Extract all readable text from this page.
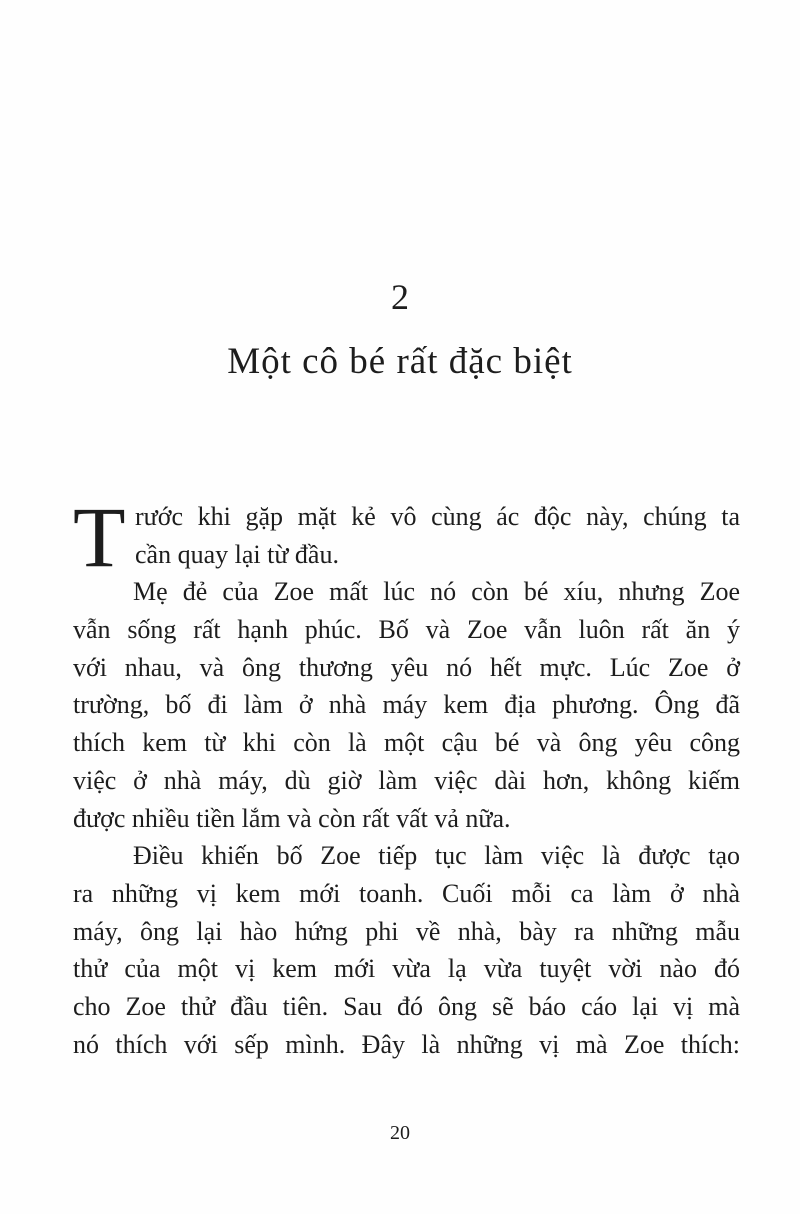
2
Một cô bé rất đặc biệt
T rước khi gặp mặt kẻ vô cùng ác độc này, chúng ta
cần quay lại từ đầu.
Mẹ đẻ của Zoe mất lúc nó còn bé xíu, nhưng Zoe
vẫn sống rất hạnh phúc. Bố và Zoe vẫn luôn rất ăn ý
với nhau, và ông thương yêu nó hết mực. Lúc Zoe ở
trường, bố đi làm ở nhà máy kem địa phương. Ông đã
thích kem từ khi còn là một cậu bé và ông yêu công
việc ở nhà máy, dù giờ làm việc dài hơn, không kiếm
được nhiều tiền lắm và còn rất vất vả nữa.
Điều khiến bố Zoe tiếp tục làm việc là được tạo
ra những vị kem mới toanh. Cuối mỗi ca làm ở nhà
máy, ông lại hào hứng phi về nhà, bày ra những mẫu
thử của một vị kem mới vừa lạ vừa tuyệt vời nào đó
cho Zoe thử đầu tiên. Sau đó ông sẽ báo cáo lại vị mà
nó thích với sếp mình. Đây là những vị mà Zoe thích:
20
